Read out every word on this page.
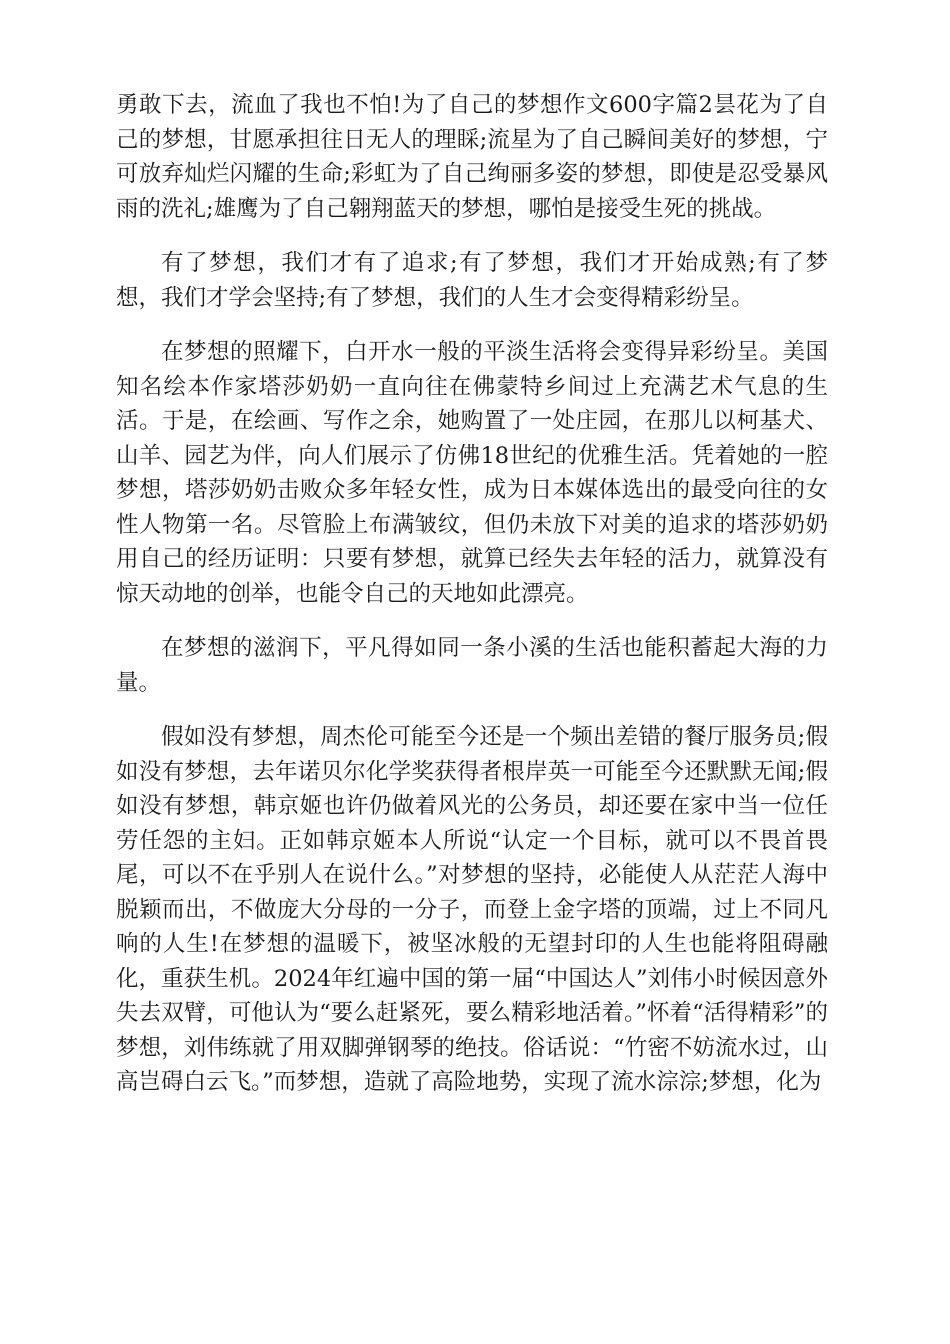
勇敢下去，流血了我也不怕!为了自己的梦想作文600字篇2昙花为了自己的梦想，甘愿承担往日无人的理睬;流星为了自己瞬间美好的梦想，宁可放弃灿烂闪耀的生命;彩虹为了自己绚丽多姿的梦想，即使是忍受暴风雨的洗礼;雄鹰为了自己翱翔蓝天的梦想，哪怕是接受生死的挑战。

有了梦想，我们才有了追求;有了梦想，我们才开始成熟;有了梦想，我们才学会坚持;有了梦想，我们的人生才会变得精彩纷呈。

在梦想的照耀下，白开水一般的平淡生活将会变得异彩纷呈。美国知名绘本作家塔莎奶奶一直向往在佛蒙特乡间过上充满艺术气息的生活。于是，在绘画、写作之余，她购置了一处庄园，在那儿以柯基犬、山羊、园艺为伴，向人们展示了仿佛18世纪的优雅生活。凭着她的一腔梦想，塔莎奶奶击败众多年轻女性，成为日本媒体选出的最受向往的女性人物第一名。尽管脸上布满皱纹，但仍未放下对美的追求的塔莎奶奶用自己的经历证明：只要有梦想，就算已经失去年轻的活力，就算没有惊天动地的创举，也能令自己的天地如此漂亮。

在梦想的滋润下，平凡得如同一条小溪的生活也能积蓄起大海的力量。

假如没有梦想，周杰伦可能至今还是一个频出差错的餐厅服务员;假如没有梦想，去年诺贝尔化学奖获得者根岸英一可能至今还默默无闻;假如没有梦想，韩京姬也许仍做着风光的公务员，却还要在家中当一位任劳任怨的主妇。正如韩京姬本人所说“认定一个目标，就可以不畏首畏尾，可以不在乎别人在说什么。”对梦想的坚持，必能使人从茫茫人海中脱颖而出，不做庞大分母的一分子，而登上金字塔的顶端，过上不同凡响的人生!在梦想的温暖下，被坚冰般的无望封印的人生也能将阻碍融化，重获生机。2024年红遍中国的第一届“中国达人”刘伟小时候因意外失去双臂，可他认为“要么赶紧死，要么精彩地活着。”怀着“活得精彩”的梦想，刘伟练就了用双脚弹钢琴的绝技。俗话说：“竹密不妨流水过，山高岂碍白云飞。”而梦想，造就了高险地势，实现了流水淙淙;梦想，化为
